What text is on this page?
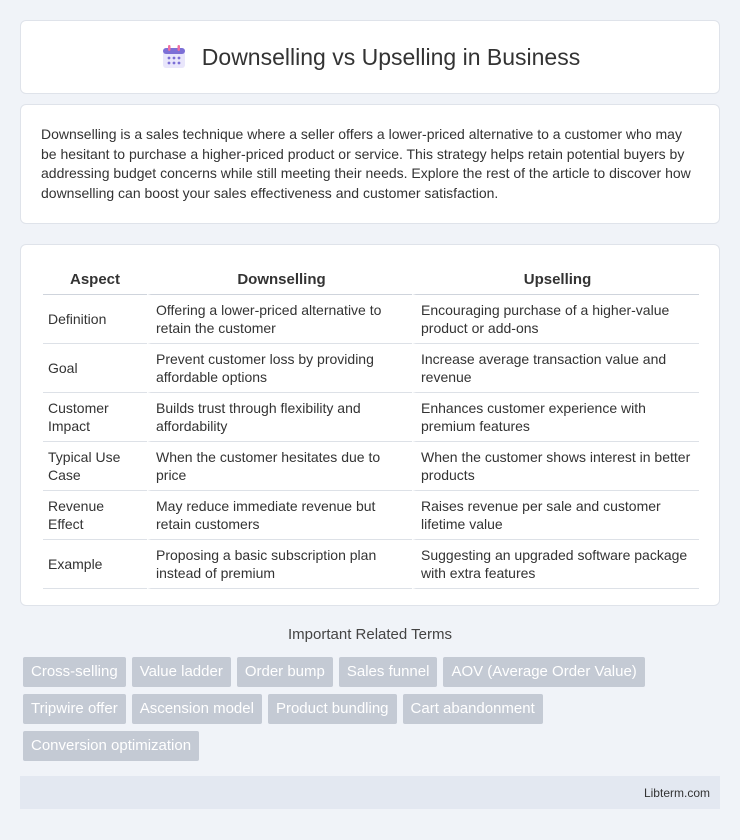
Downselling vs Upselling in Business

Downselling is a sales technique where a seller offers a lower-priced alternative to a customer who may be hesitant to purchase a higher-priced product or service. This strategy helps retain potential buyers by addressing budget concerns while still meeting their needs. Explore the rest of the article to discover how downselling can boost your sales effectiveness and customer satisfaction.

Aspect	Downselling	Upselling
Definition	Offering a lower-priced alternative to retain the customer	Encouraging purchase of a higher-value product or add-ons
Goal	Prevent customer loss by providing affordable options	Increase average transaction value and revenue
Customer Impact	Builds trust through flexibility and affordability	Enhances customer experience with premium features
Typical Use Case	When the customer hesitates due to price	When the customer shows interest in better products
Revenue Effect	May reduce immediate revenue but retain customers	Raises revenue per sale and customer lifetime value
Example	Proposing a basic subscription plan instead of premium	Suggesting an upgraded software package with extra features
Important Related Terms
Cross-selling	Value ladder	Order bump	Sales funnel	AOV (Average Order Value)
Tripwire offer	Ascension model	Product bundling	Cart abandonment
Conversion optimization
Libterm.com
